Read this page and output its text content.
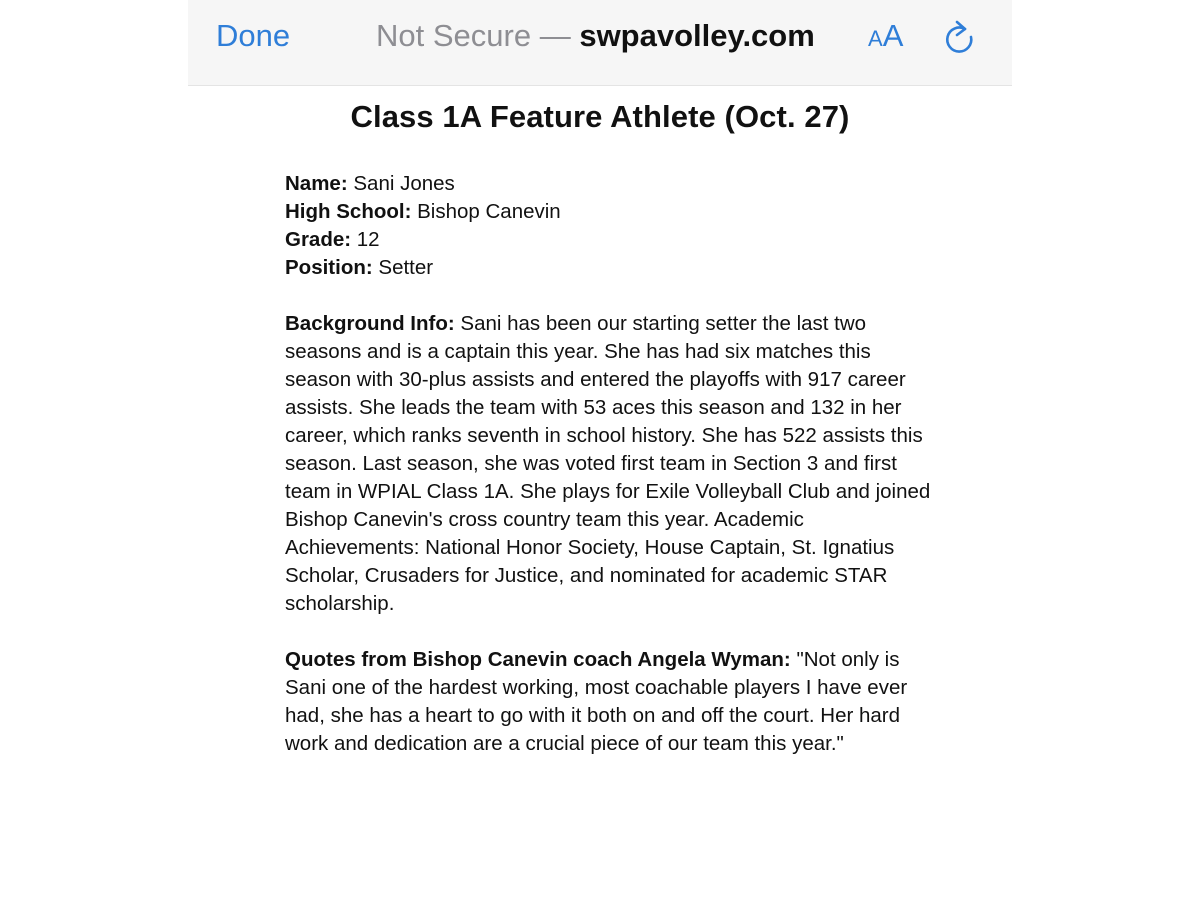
Done	Not Secure — swpavolley.com AA
Class 1A Feature Athlete (Oct. 27)

Name: Sani Jones

High School: Bishop Canevin

Grade: 12

Position: Setter

Background Info: Sani has been our starting setter the last two seasons and is a captain this year. She has had six matches this season with 30-plus assists and entered the playoffs with 917 career assists. She leads the team with 53 aces this season and 132 in her career, which ranks seventh in school history. She has 522 assists this season. Last season, she was voted first team in Section 3 and first team in WPIAL Class 1A. She plays for Exile Volleyball Club and joined Bishop Canevin's cross country team this year. Academic Achievements: National Honor Society, House Captain, St. Ignatius Scholar, Crusaders for Justice, and nominated for academic STAR scholarship.

Quotes from Bishop Canevin coach Angela Wyman: "Not only is Sani one of the hardest working, most coachable players I have ever had, she has a heart to go with it both on and off the court. Her hard work and dedication are a crucial piece of our team this year."
